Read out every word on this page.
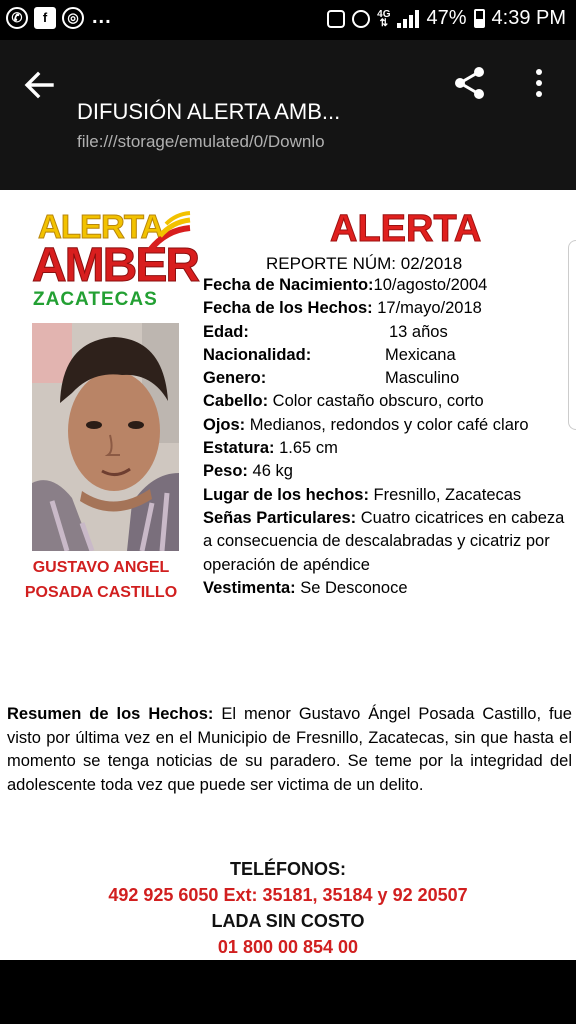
✆	f	◎ ...	4G
⇅ 47% 4:39 PM
DIFUSIÓN ALERTA AMB...
file:///storage/emulated/0/Downlo
ALERTA
AMBER
ZACATECAS
GUSTAVO ANGEL
POSADA CASTILLO
ALERTA
REPORTE NÚM: 02/2018
Fecha de Nacimiento:10/agosto/2004
Fecha de los Hechos: 17/mayo/2018
Edad:	13 años
Nacionalidad:	Mexicana
Genero:	Masculino
Cabello: Color castaño obscuro, corto
Ojos: Medianos, redondos y color café claro
Estatura: 1.65 cm
Peso: 46 kg
Lugar de los hechos: Fresnillo, Zacatecas
Señas Particulares: Cuatro cicatrices en cabeza a consecuencia de descalabradas y cicatriz por operación de apéndice
Vestimenta: Se Desconoce
Resumen de los Hechos: El menor Gustavo Ángel Posada Castillo, fue visto por última vez en el Municipio de Fresnillo, Zacatecas, sin que hasta el momento se tenga noticias de su paradero. Se teme por la integridad del adolescente toda vez que puede ser victima de un delito.
TELÉFONOS:
492 925 6050 Ext: 35181, 35184 y 92 20507
LADA SIN COSTO
01 800 00 854 00
